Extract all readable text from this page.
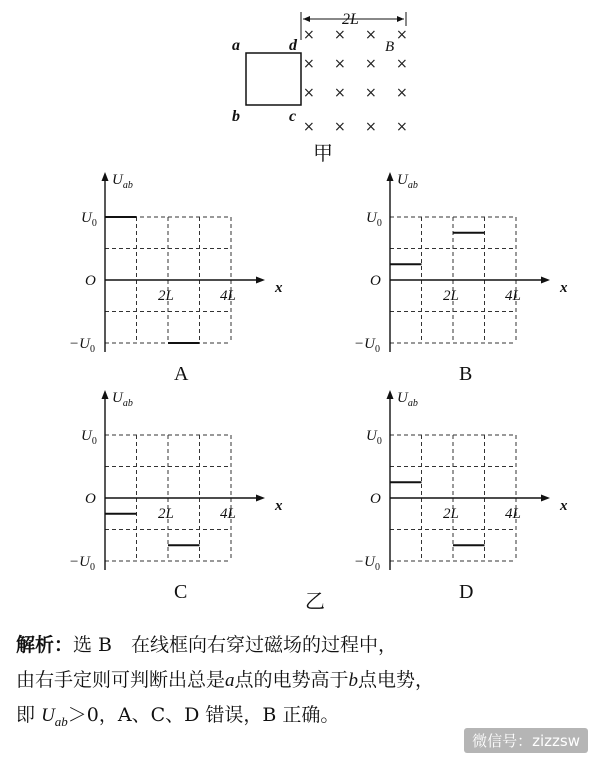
2L
B
a
b	c
d
× × × ×
× × × ×
× × × ×
× × × ×
甲
$U_{ab}$
$U_0$
$-U_0$
O
2L	4L	x
A
$U_{ab}$
$U_0$
$-U_0$
O
2L	4L	x
B
$U_{ab}$
$U_0$
$-U_0$
O
2L	4L	x
C
$U_{ab}$
$U_0$
$-U_0$
O
2L	4L	x
D
乙
解析：选 B　在线框向右穿过磁场的过程中，
由右手定则可判断出总是a点的电势高于b点电势，
即 $U_{ab}>0$，A、C、D 错误，B 正确。
微信号：zizzsw
